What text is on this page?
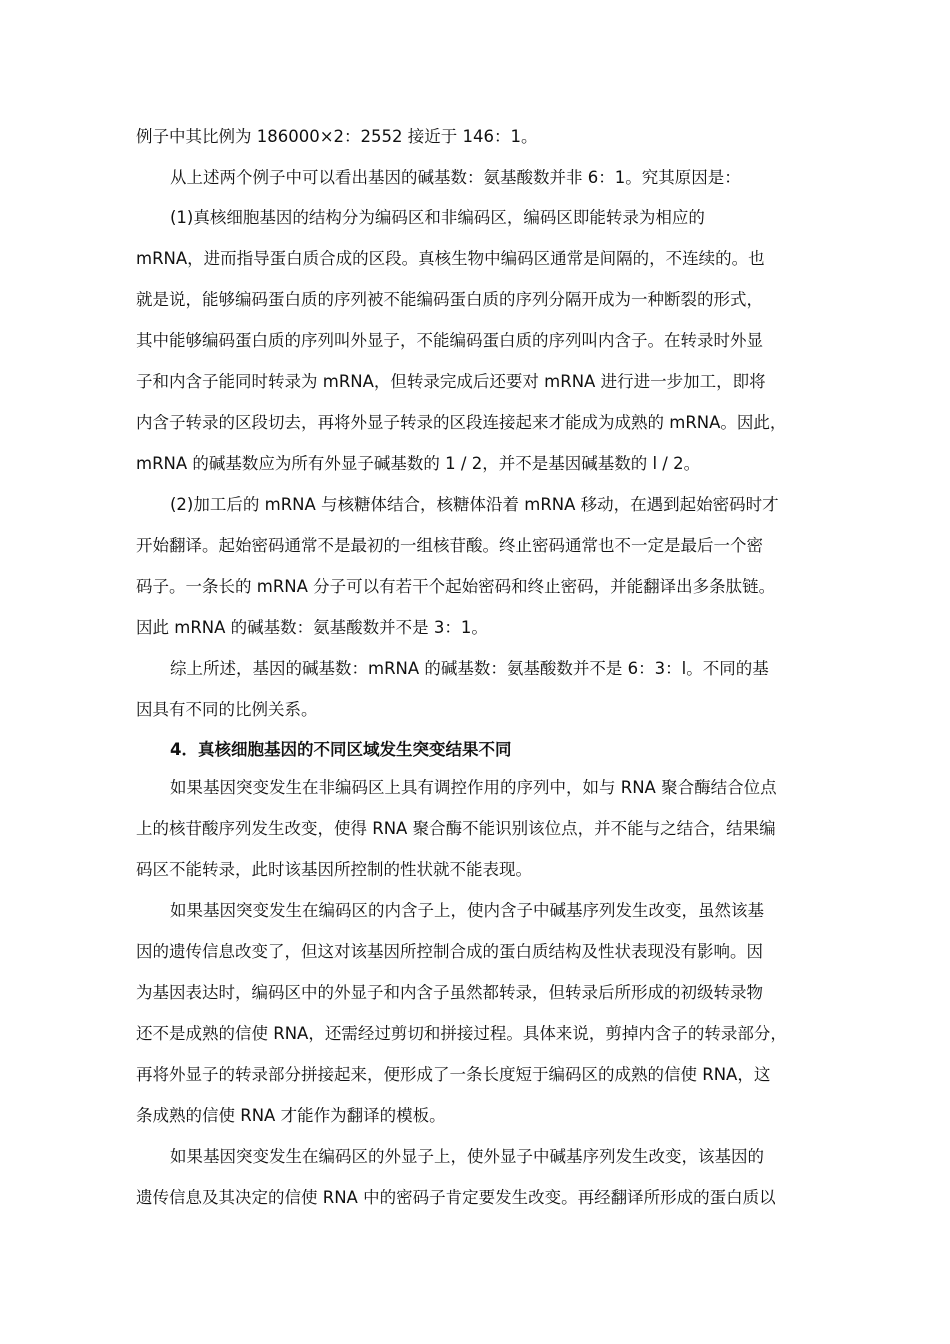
例子中其比例为 186000×2：2552 接近于 146：1。
从上述两个例子中可以看出基因的碱基数：氨基酸数并非 6：1。究其原因是：
(1)真核细胞基因的结构分为编码区和非编码区，编码区即能转录为相应的
mRNA，进而指导蛋白质合成的区段。真核生物中编码区通常是间隔的，不连续的。也
就是说，能够编码蛋白质的序列被不能编码蛋白质的序列分隔开成为一种断裂的形式，
其中能够编码蛋白质的序列叫外显子，不能编码蛋白质的序列叫内含子。在转录时外显
子和内含子能同时转录为 mRNA，但转录完成后还要对 mRNA 进行进一步加工，即将
内含子转录的区段切去，再将外显子转录的区段连接起来才能成为成熟的 mRNA。因此，
mRNA 的碱基数应为所有外显子碱基数的 1 / 2，并不是基因碱基数的 l / 2。
(2)加工后的 mRNA 与核糖体结合，核糖体沿着 mRNA 移动，在遇到起始密码时才
开始翻译。起始密码通常不是最初的一组核苷酸。终止密码通常也不一定是最后一个密
码子。一条长的 mRNA 分子可以有若干个起始密码和终止密码，并能翻译出多条肽链。
因此 mRNA 的碱基数：氨基酸数并不是 3：1。
综上所述，基因的碱基数：mRNA 的碱基数：氨基酸数并不是 6：3：l。不同的基
因具有不同的比例关系。
4．真核细胞基因的不同区域发生突变结果不同
如果基因突变发生在非编码区上具有调控作用的序列中，如与 RNA 聚合酶结合位点
上的核苷酸序列发生改变，使得 RNA 聚合酶不能识别该位点，并不能与之结合，结果编
码区不能转录，此时该基因所控制的性状就不能表现。
如果基因突变发生在编码区的内含子上，使内含子中碱基序列发生改变，虽然该基
因的遗传信息改变了，但这对该基因所控制合成的蛋白质结构及性状表现没有影响。因
为基因表达时，编码区中的外显子和内含子虽然都转录，但转录后所形成的初级转录物
还不是成熟的信使 RNA，还需经过剪切和拼接过程。具体来说，剪掉内含子的转录部分，
再将外显子的转录部分拼接起来，便形成了一条长度短于编码区的成熟的信使 RNA，这
条成熟的信使 RNA 才能作为翻译的模板。
如果基因突变发生在编码区的外显子上，使外显子中碱基序列发生改变，该基因的
遗传信息及其决定的信使 RNA 中的密码子肯定要发生改变。再经翻译所形成的蛋白质以
